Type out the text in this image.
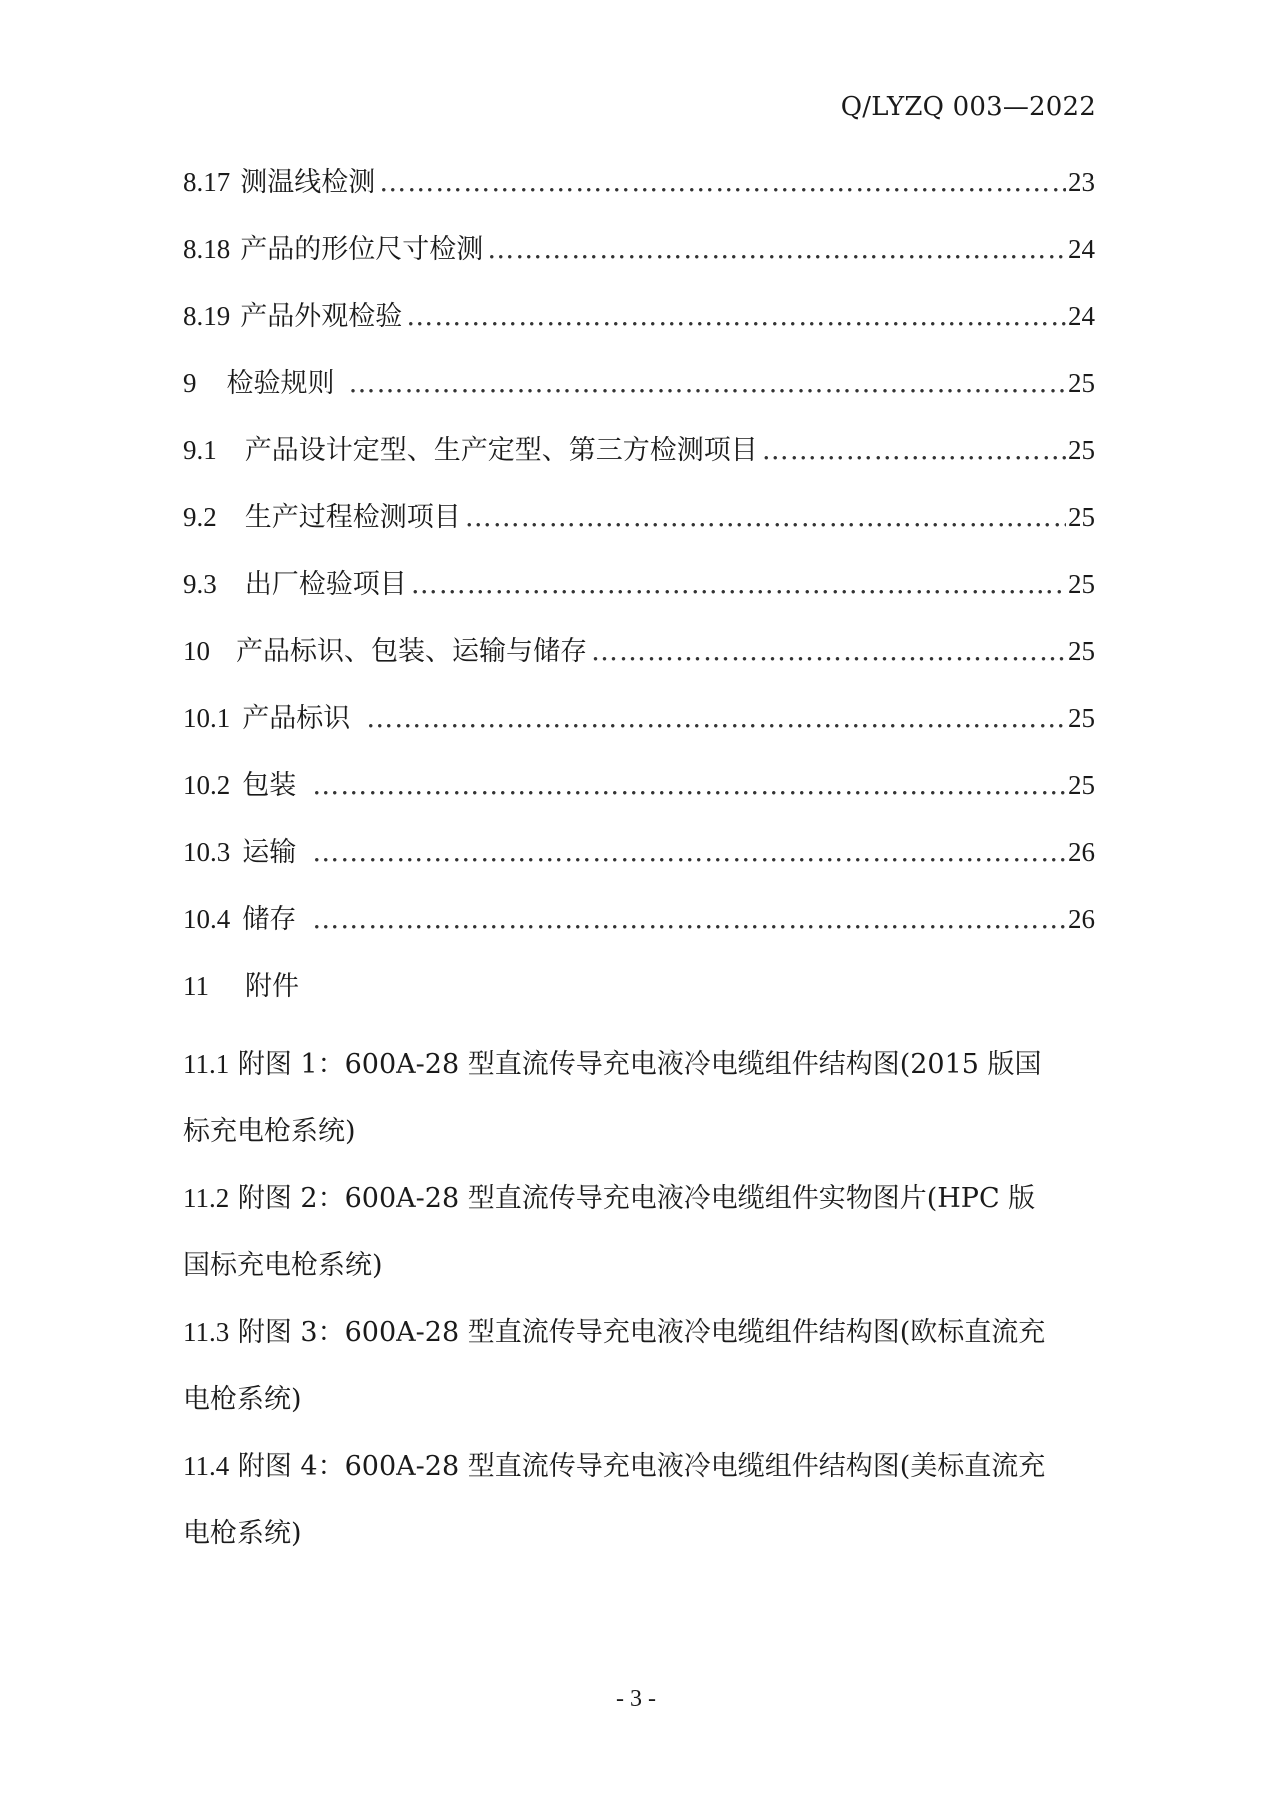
Q/LYZQ 003—2022
8.17 测温线检测 …………………………………………………………………………………………………………………………………………………………………………	23
8.18 产品的形位尺寸检测 …………………………………………………………………………………………………………………………………………………………………………	24
8.19 产品外观检验 …………………………………………………………………………………………………………………………………………………………………………	24
9 检验规则 …………………………………………………………………………………………………………………………………………………………………………	25
9.1 产品设计定型、生产定型、第三方检测项目 …………………………………………………………………………………………………………………………………………………………………………	25
9.2 生产过程检测项目 …………………………………………………………………………………………………………………………………………………………………………	25
9.3 出厂检验项目 …………………………………………………………………………………………………………………………………………………………………………	25
10 产品标识、包装、运输与储存 …………………………………………………………………………………………………………………………………………………………………………	25
10.1 产品标识 …………………………………………………………………………………………………………………………………………………………………………	25
10.2 包装 …………………………………………………………………………………………………………………………………………………………………………	25
10.3 运输 …………………………………………………………………………………………………………………………………………………………………………	26
10.4 储存 …………………………………………………………………………………………………………………………………………………………………………	26
11 附件

11.1 附图 1：600A-28 型直流传导充电液冷电缆组件结构图(2015 版国
标充电枪系统)

11.2 附图 2：600A-28 型直流传导充电液冷电缆组件实物图片(HPC 版
国标充电枪系统)

11.3 附图 3：600A-28 型直流传导充电液冷电缆组件结构图(欧标直流充
电枪系统)

11.4 附图 4：600A-28 型直流传导充电液冷电缆组件结构图(美标直流充
电枪系统)

- 3 -
